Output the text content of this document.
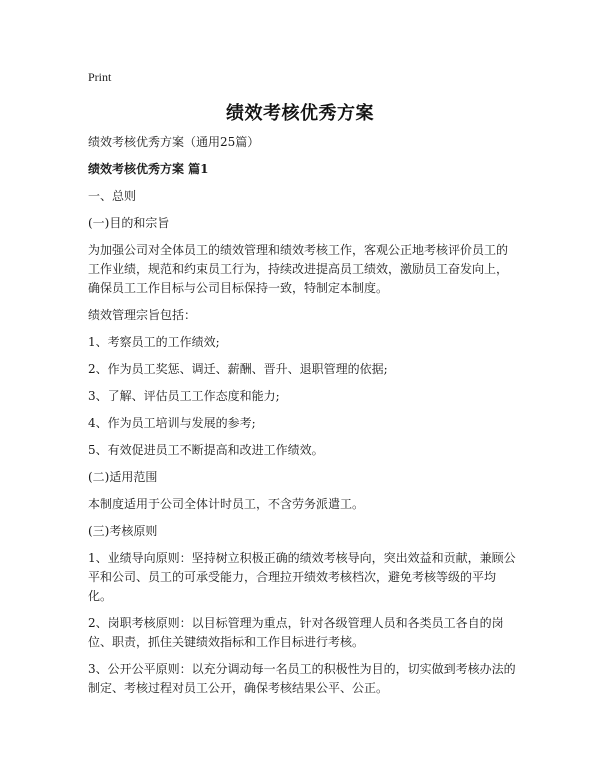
Print
绩效考核优秀方案

绩效考核优秀方案（通用25篇）

绩效考核优秀方案 篇1

一、总则

(一)目的和宗旨

为加强公司对全体员工的绩效管理和绩效考核工作，客观公正地考核评价员工的工作业绩，规范和约束员工行为，持续改进提高员工绩效，激励员工奋发向上，确保员工工作目标与公司目标保持一致，特制定本制度。

绩效管理宗旨包括：

1、考察员工的工作绩效;

2、作为员工奖惩、调迁、薪酬、晋升、退职管理的依据;

3、了解、评估员工工作态度和能力;

4、作为员工培训与发展的参考;

5、有效促进员工不断提高和改进工作绩效。

(二)适用范围

本制度适用于公司全体计时员工，不含劳务派遣工。

(三)考核原则

1、业绩导向原则：坚持树立积极正确的绩效考核导向，突出效益和贡献，兼顾公平和公司、员工的可承受能力，合理拉开绩效考核档次，避免考核等级的平均化。

2、岗职考核原则：以目标管理为重点，针对各级管理人员和各类员工各自的岗位、职责，抓住关键绩效指标和工作目标进行考核。

3、公开公平原则：以充分调动每一名员工的积极性为目的，切实做到考核办法的制定、考核过程对员工公开，确保考核结果公平、公正。
